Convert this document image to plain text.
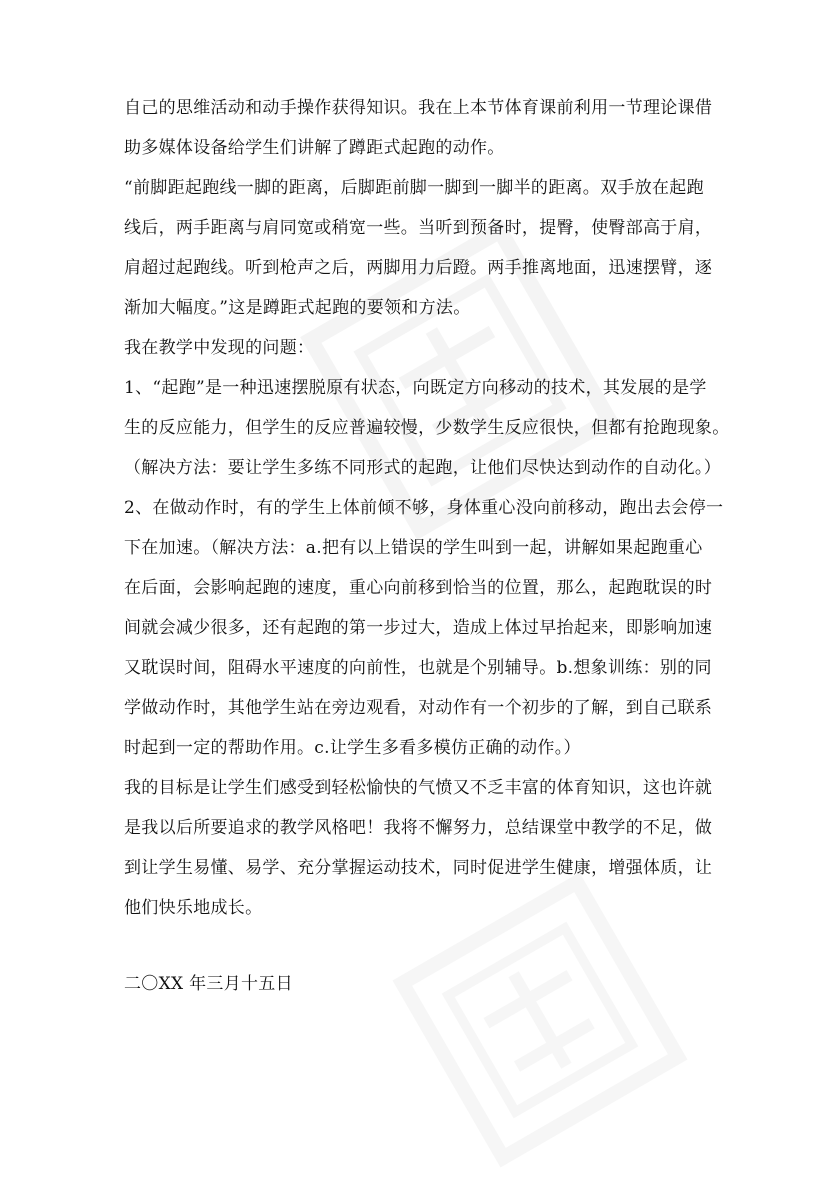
自己的思维活动和动手操作获得知识。我在上本节体育课前利用一节理论课借
助多媒体设备给学生们讲解了蹲距式起跑的动作。
“前脚距起跑线一脚的距离，后脚距前脚一脚到一脚半的距离。双手放在起跑
线后，两手距离与肩同宽或稍宽一些。当听到预备时，提臀，使臀部高于肩，
肩超过起跑线。听到枪声之后，两脚用力后蹬。两手推离地面，迅速摆臂，逐
渐加大幅度。”这是蹲距式起跑的要领和方法。
我在教学中发现的问题：
1、“起跑”是一种迅速摆脱原有状态，向既定方向移动的技术，其发展的是学
生的反应能力，但学生的反应普遍较慢，少数学生反应很快，但都有抢跑现象。
（解决方法：要让学生多练不同形式的起跑，让他们尽快达到动作的自动化。）
2、在做动作时，有的学生上体前倾不够，身体重心没向前移动，跑出去会停一
下在加速。（解决方法：a.把有以上错误的学生叫到一起，讲解如果起跑重心
在后面，会影响起跑的速度，重心向前移到恰当的位置，那么，起跑耽误的时
间就会减少很多，还有起跑的第一步过大，造成上体过早抬起来，即影响加速
又耽误时间，阻碍水平速度的向前性，也就是个别辅导。b.想象训练：别的同
学做动作时，其他学生站在旁边观看，对动作有一个初步的了解，到自己联系
时起到一定的帮助作用。c.让学生多看多模仿正确的动作。）
我的目标是让学生们感受到轻松愉快的气愤又不乏丰富的体育知识，这也许就
是我以后所要追求的教学风格吧！我将不懈努力，总结课堂中教学的不足，做
到让学生易懂、易学、充分掌握运动技术，同时促进学生健康，增强体质，让
他们快乐地成长。
二〇XX 年三月十五日
